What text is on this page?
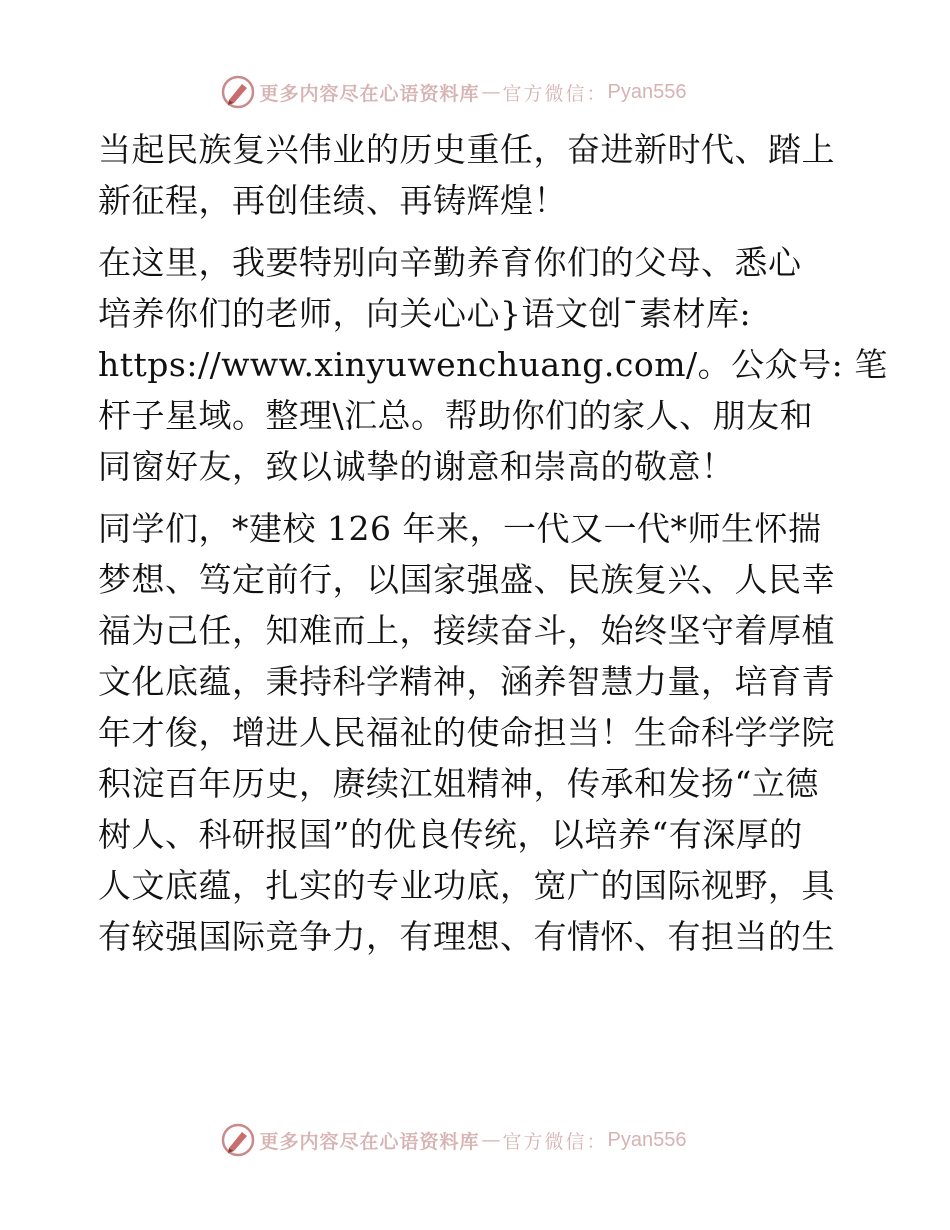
更多内容尽在心语资料库 — 官方微信： Pyan556
当起民族复兴伟业的历史重任，奋进新时代、踏上
新征程，再创佳绩、再铸辉煌！
在这里，我要特别向辛勤养育你们的父母、悉心
培养你们的老师，向关心心}语文创¯素材库:
https://www.xinyuwenchuang.com/。公众号: 笔
杆子星域。整理\汇总。帮助你们的家人、朋友和
同窗好友，致以诚挚的谢意和崇高的敬意！
同学们，*建校 126 年来，一代又一代*师生怀揣
梦想、笃定前行，以国家强盛、民族复兴、人民幸
福为己任，知难而上，接续奋斗，始终坚守着厚植
文化底蕴，秉持科学精神，涵养智慧力量，培育青
年才俊，增进人民福祉的使命担当！生命科学学院
积淀百年历史，赓续江姐精神，传承和发扬“立德
树人、科研报国”的优良传统，以培养“有深厚的
人文底蕴，扎实的专业功底，宽广的国际视野，具
有较强国际竞争力，有理想、有情怀、有担当的生
更多内容尽在心语资料库 — 官方微信： Pyan556
